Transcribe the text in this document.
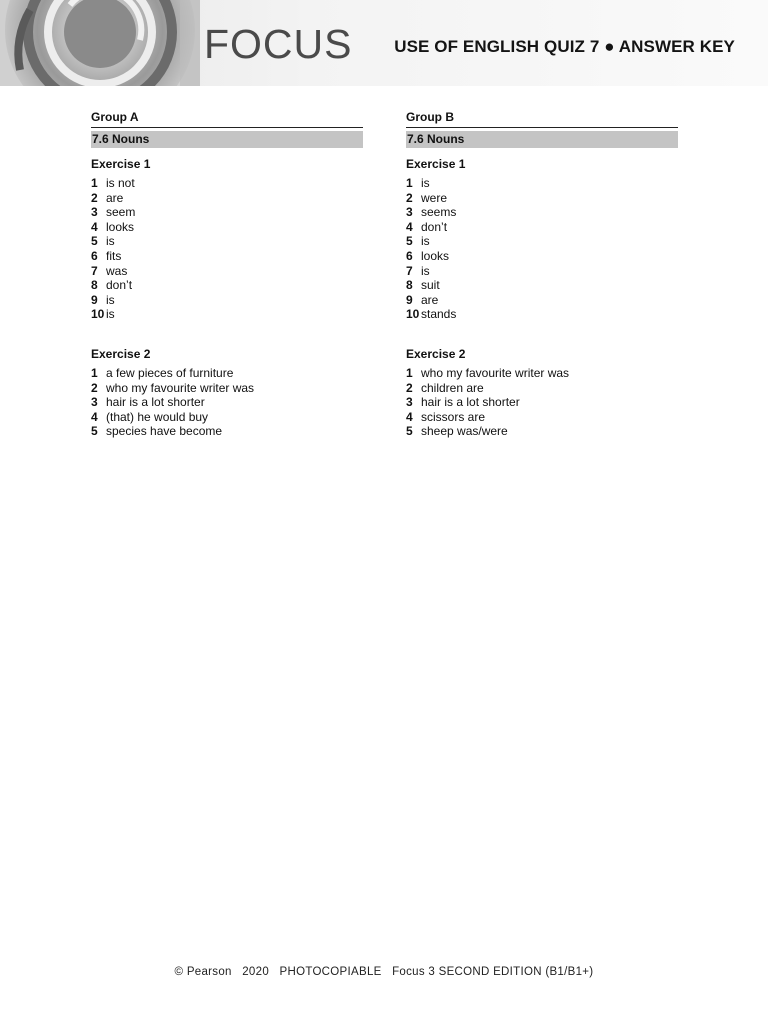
FOCUS USE OF ENGLISH QUIZ 7 ● ANSWER KEY
Group A
7.6 Nouns
Exercise 1
1 is not
2 are
3 seem
4 looks
5 is
6 fits
7 was
8 don’t
9 is
10 is
Exercise 2
1 a few pieces of furniture
2 who my favourite writer was
3 hair is a lot shorter
4 (that) he would buy
5 species have become
Group B
7.6 Nouns
Exercise 1
1 is
2 were
3 seems
4 don’t
5 is
6 looks
7 is
8 suit
9 are
10 stands
Exercise 2
1 who my favourite writer was
2 children are
3 hair is a lot shorter
4 scissors are
5 sheep was/were
© Pearson   2020   PHOTOCOPIABLE   Focus 3 SECOND EDITION (B1/B1+)
